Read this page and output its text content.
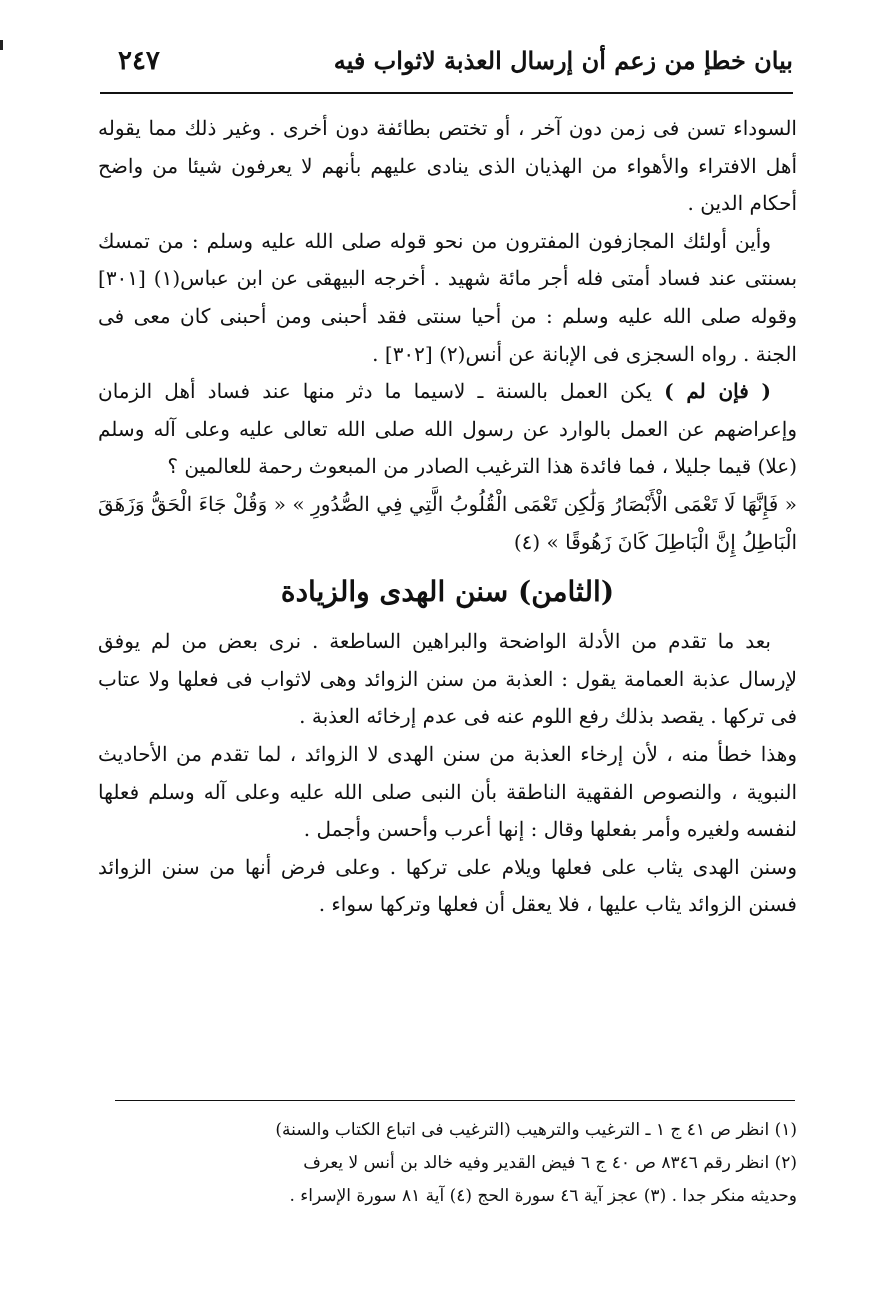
بيان خطإ من زعم أن إرسال العذبة لاثواب فيه
٢٤٧

السوداء تسن فى زمن دون آخر ، أو تختص بطائفة دون أخرى . وغير ذلك مما يقوله أهل الافتراء والأهواء من الهذيان الذى ينادى عليهم بأنهم لا يعرفون شيئا من واضح أحكام الدين .

وأين أولئك المجازفون المفترون من نحو قوله صلى الله عليه وسلم : من تمسك بسنتى عند فساد أمتى فله أجر مائة شهيد . أخرجه البيهقى عن ابن عباس(١) [٣٠١] وقوله صلى الله عليه وسلم : من أحيا سنتى فقد أحبنى ومن أحبنى كان معى فى الجنة . رواه السجزى فى الإبانة عن أنس(٢) [٣٠٢] .

( فإن لم ) يكن العمل بالسنة ـ لاسيما ما دثر منها عند فساد أهل الزمان وإعراضهم عن العمل بالوارد عن رسول الله صلى الله تعالى عليه وعلى آله وسلم (علا) قيما جليلا ، فما فائدة هذا الترغيب الصادر من المبعوث رحمة للعالمين ؟

« فَإِنَّهَا لَا تَعْمَى الْأَبْصَارُ وَلَٰكِن تَعْمَى الْقُلُوبُ الَّتِي فِي الصُّدُورِ » « وَقُلْ جَاءَ الْحَقُّ وَزَهَقَ الْبَاطِلُ إِنَّ الْبَاطِلَ كَانَ زَهُوقًا » (٤)

(الثامن) سنن الهدى والزيادة

بعد ما تقدم من الأدلة الواضحة والبراهين الساطعة . نرى بعض من لم يوفق لإرسال عذبة العمامة يقول : العذبة من سنن الزوائد وهى لاثواب فى فعلها ولا عتاب فى تركها . يقصد بذلك رفع اللوم عنه فى عدم إرخائه العذبة .

وهذا خطأ منه ، لأن إرخاء العذبة من سنن الهدى لا الزوائد ، لما تقدم من الأحاديث النبوية ، والنصوص الفقهية الناطقة بأن النبى صلى الله عليه وعلى آله وسلم فعلها لنفسه ولغيره وأمر بفعلها وقال : إنها أعرب وأحسن وأجمل .

وسنن الهدى يثاب على فعلها ويلام على تركها . وعلى فرض أنها من سنن الزوائد فسنن الزوائد يثاب عليها ، فلا يعقل أن فعلها وتركها سواء .

(١) انظر ص ٤١ ج ١ ـ الترغيب والترهيب (الترغيب فى اتباع الكتاب والسنة)

(٢) انظر رقم ٨٣٤٦ ص ٤٠ ج ٦ فيض القدير وفيه خالد بن أنس لا يعرف

وحديثه منكر جدا . (٣) عجز آية ٤٦ سورة الحج (٤) آية ٨١ سورة الإسراء .
